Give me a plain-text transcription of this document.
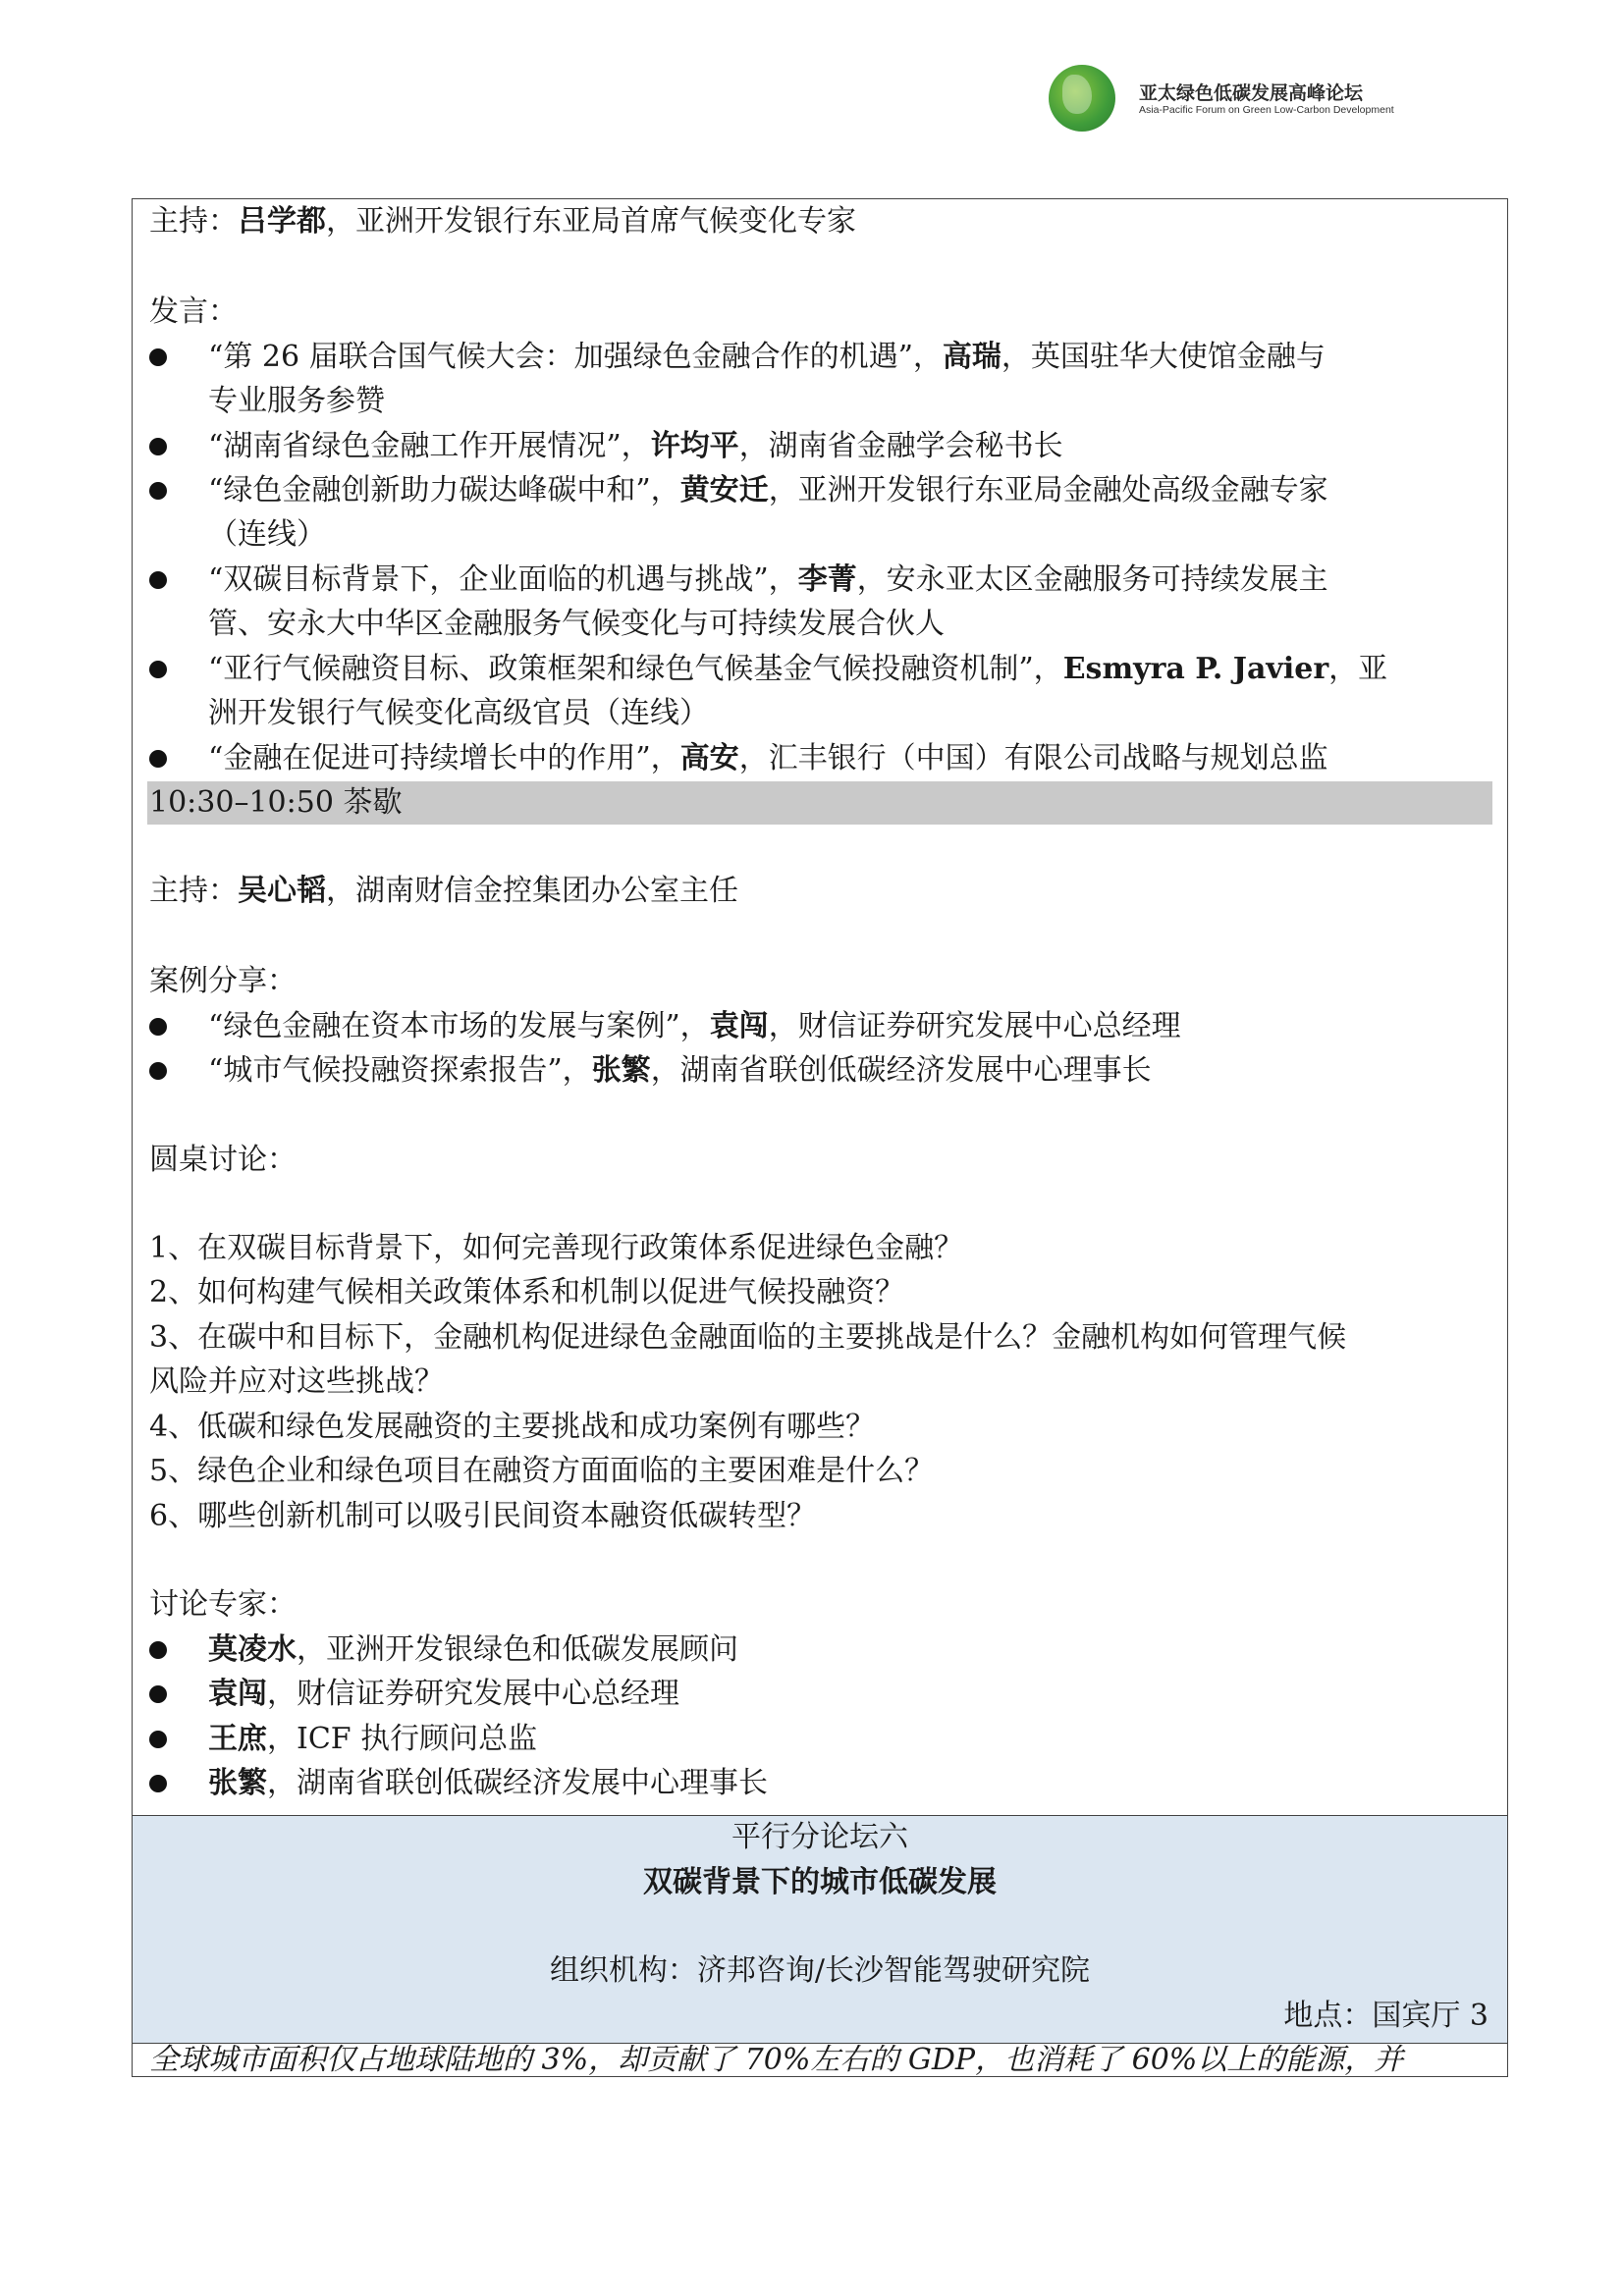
亚太绿色低碳发展高峰论坛
Asia-Pacific Forum on Green Low-Carbon Development
主持：吕学都，亚洲开发银行东亚局首席气候变化专家
发言：
“第 26 届联合国气候大会：加强绿色金融合作的机遇”，高瑞，英国驻华大使馆金融与
专业服务参赞
“湖南省绿色金融工作开展情况”，许均平，湖南省金融学会秘书长
“绿色金融创新助力碳达峰碳中和”，黄安迁，亚洲开发银行东亚局金融处高级金融专家
（连线）
“双碳目标背景下，企业面临的机遇与挑战”，李菁，安永亚太区金融服务可持续发展主
管、安永大中华区金融服务气候变化与可持续发展合伙人
“亚行气候融资目标、政策框架和绿色气候基金气候投融资机制”，Esmyra P. Javier，亚
洲开发银行气候变化高级官员（连线）
“金融在促进可持续增长中的作用”，高安，汇丰银行（中国）有限公司战略与规划总监
10:30–10:50 茶歇
主持：吴心韬，湖南财信金控集团办公室主任
案例分享：
“绿色金融在资本市场的发展与案例”，袁闯，财信证券研究发展中心总经理
“城市气候投融资探索报告”，张繁，湖南省联创低碳经济发展中心理事长
圆桌讨论：
1、在双碳目标背景下，如何完善现行政策体系促进绿色金融？
2、如何构建气候相关政策体系和机制以促进气候投融资？
3、在碳中和目标下，金融机构促进绿色金融面临的主要挑战是什么？金融机构如何管理气候
风险并应对这些挑战？
4、低碳和绿色发展融资的主要挑战和成功案例有哪些？
5、绿色企业和绿色项目在融资方面面临的主要困难是什么？
6、哪些创新机制可以吸引民间资本融资低碳转型？
讨论专家：
莫凌水，亚洲开发银绿色和低碳发展顾问
袁闯，财信证券研究发展中心总经理
王庶，ICF 执行顾问总监
张繁，湖南省联创低碳经济发展中心理事长
平行分论坛六
双碳背景下的城市低碳发展
组织机构：济邦咨询/长沙智能驾驶研究院
地点：国宾厅 3
全球城市面积仅占地球陆地的 3%，却贡献了 70%左右的 GDP，也消耗了 60%以上的能源，并
